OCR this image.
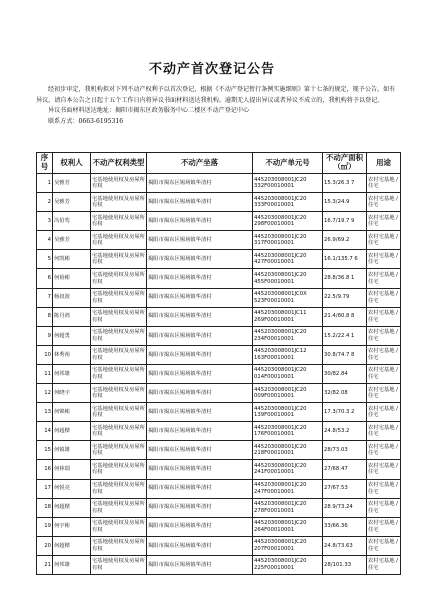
不动产首次登记公告

经初步审定，我机构拟对下列不动产权利予以首次登记，根据《不动产登记暂行条例实施细则》第十七条的规定，现予公告。如有异议，请自本公告之日起十五个工作日内将异议书面材料送达我机构。逾期无人提出异议或者异议不成立的，我机构将予以登记。

异议书面材料送达地址：揭阳市揭东区政务服务中心二楼区不动产登记中心

联系方式：0663-6195316

序号	权利人	不动产权利类型	不动产坐落	不动产单元号	不动产面积（㎡）	用途
1	吴雅芳	宅基地使用权及房屋所有权	揭阳市揭东区锡场镇华清村	445203008001JC20 332F00010001	15.3/26.3 7	农村宅基地 / 住宅
2	吴雅芳	宅基地使用权及房屋所有权	揭阳市揭东区锡场镇华清村	445203008001JC20 333F00010001	15.3/24.9	农村宅基地 / 住宅
3	冯伯鸾	宅基地使用权及房屋所有权	揭阳市揭东区锡场镇华清村	445203008001JC20 298F00010001	16.7/19.7 9	农村宅基地 / 住宅
4	吴雅芳	宅基地使用权及房屋所有权	揭阳市揭东区锡场镇华清村	445203008001JC20 317F00010001	26.9/69.2	农村宅基地 / 住宅
5	何凯彬	宅基地使用权及房屋所有权	揭阳市揭东区锡场镇华清村	445203008001JC20 427F00010001	16.1/135.7 6	农村宅基地 / 住宅
6	何裕彬	宅基地使用权及房屋所有权	揭阳市揭东区锡场镇华清村	445203008001JC20 455F00010001	28.8/36.8 1	农村宅基地 / 住宅
7	杨叔波	宅基地使用权及房屋所有权	揭阳市揭东区锡场镇华清村	445203008001JC0X 523F00010001	22.5/9.79	农村宅基地 / 住宅
8	陈丹鸿	宅基地使用权及房屋所有权	揭阳市揭东区锡场镇华清村	445203008001JC11 269F00010001	21.4/80.8 8	农村宅基地 / 住宅
9	何超勇	宅基地使用权及房屋所有权	揭阳市揭东区锡场镇华清村	445203008001JC20 234F00010001	15.2/22.4 1	农村宅基地 / 住宅
10	林秀裕	宅基地使用权及房屋所有权	揭阳市揭东区锡场镇华清村	445203008001JC12 163F00010001	30.8/74.7 8	农村宅基地 / 住宅
11	何邦雄	宅基地使用权及房屋所有权	揭阳市揭东区锡场镇华清村	445203008001JC20 014F00010001	30/82.84	农村宅基地 / 住宅
12	何晓宇	宅基地使用权及房屋所有权	揭阳市揭东区锡场镇华清村	445203008001JC20 009F00010001	32/82.08	农村宅基地 / 住宅
13	何锦彬	宅基地使用权及房屋所有权	揭阳市揭东区锡场镇华清村	445203008001JC20 139F00010001	17.3/70.3 2	农村宅基地 / 住宅
14	何超樑	宅基地使用权及房屋所有权	揭阳市揭东区锡场镇华清村	445203008001JC20 176F00010001	24.8/53.2	农村宅基地 / 住宅
15	何镇雄	宅基地使用权及房屋所有权	揭阳市揭东区锡场镇华清村	445203008001JC20 218F00010001	28/73.03	农村宅基地 / 住宅
16	何林瑞	宅基地使用权及房屋所有权	揭阳市揭东区锡场镇华清村	445203008001JC20 241F00010001	27/68.47	农村宅基地 / 住宅
17	何悦亮	宅基地使用权及房屋所有权	揭阳市揭东区锡场镇华清村	445203008001JC20 247F00010001	27/67.53	农村宅基地 / 住宅
18	何超樑	宅基地使用权及房屋所有权	揭阳市揭东区锡场镇华清村	445203008001JC20 278F00010001	28.9/73.24	农村宅基地 / 住宅
19	何宇彬	宅基地使用权及房屋所有权	揭阳市揭东区锡场镇华清村	445203008001JC20 264F00010001	33/66.36	农村宅基地 / 住宅
20	何超樑	宅基地使用权及房屋所有权	揭阳市揭东区锡场镇华清村	445203008001JC20 207F00010001	24.8/73.63	农村宅基地 / 住宅
21	何邦雄	宅基地使用权及房屋所有权	揭阳市揭东区锡场镇华清村	445203008001JC20 225F00010001	28/101.33	农村宅基地 / 住宅
